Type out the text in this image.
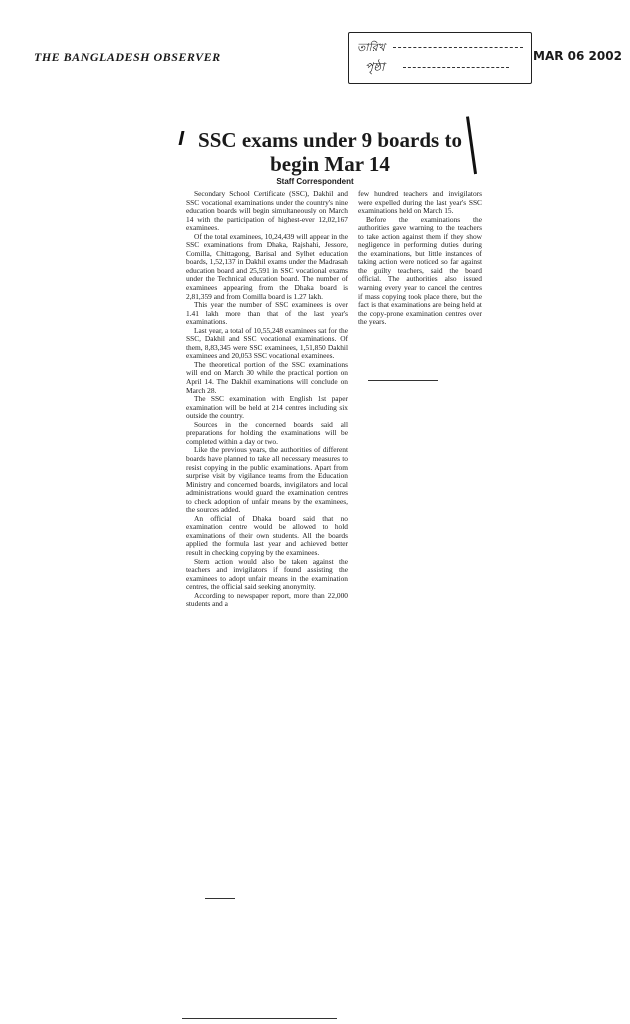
THE BANGLADESH OBSERVER
তারিখ
পৃষ্ঠা
MAR 06 2002
SSC exams under 9 boards to begin Mar 14
Staff Correspondent

Secondary School Certificate (SSC), Dakhil and SSC vocational examinations under the country's nine education boards will begin simultaneously on March 14 with the participation of highest-ever 12,02,167 examinees.

Of the total examinees, 10,24,439 will appear in the SSC examinations from Dhaka, Rajshahi, Jessore, Comilla, Chittagong, Barisal and Sylhet education boards, 1,52,137 in Dakhil exams under the Madrasah education board and 25,591 in SSC vocational exams under the Technical education board. The number of examinees appearing from the Dhaka board is 2,81,359 and from Comilla board is 1.27 lakh.

This year the number of SSC examinees is over 1.41 lakh more than that of the last year's examinations.

Last year, a total of 10,55,248 examinees sat for the SSC, Dakhil and SSC vocational examinations. Of them, 8,83,345 were SSC examinees, 1,51,850 Dakhil examinees and 20,053 SSC vocational examinees.

The theoretical portion of the SSC examinations will end on March 30 while the practical portion on April 14. The Dakhil examinations will conclude on March 28.

The SSC examination with English 1st paper examination will be held at 214 centres including six outside the country.

Sources in the concerned boards said all preparations for holding the examinations will be completed within a day or two.

Like the previous years, the authorities of different boards have planned to take all necessary measures to resist copying in the public examinations. Apart from surprise visit by vigilance teams from the Education Ministry and concerned boards, invigilators and local administrations would guard the examination centres to check adoption of unfair means by the examinees, the sources added.

An official of Dhaka board said that no examination centre would be allowed to hold examinations of their own students. All the boards applied the formula last year and achieved better result in checking copying by the examinees.

Stern action would also be taken against the teachers and invigilators if found assisting the examinees to adopt unfair means in the examination centres, the official said seeking anonymity.

According to newspaper report, more than 22,000 students and a

few hundred teachers and invigilators were expelled during the last year's SSC examinations held on March 15.

Before the examinations the authorities gave warning to the teachers to take action against them if they show negligence in performing duties during the examinations, but little instances of taking action were noticed so far against the guilty teachers, said the board official. The authorities also issued warning every year to cancel the centres if mass copying took place there, but the fact is that examinations are being held at the copy-prone examination centres over the years.
